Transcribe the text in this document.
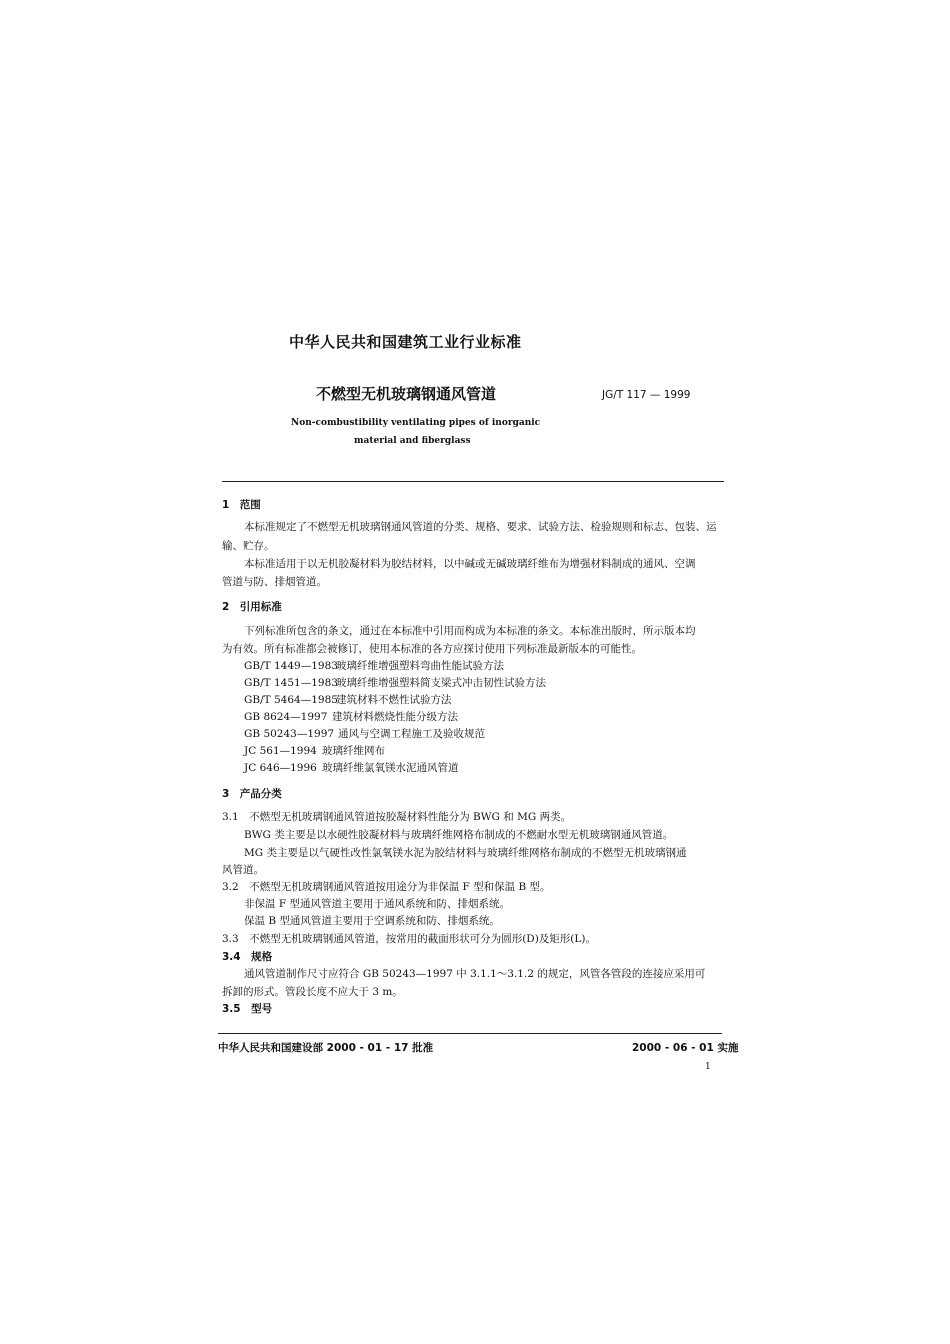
中华人民共和国建筑工业行业标准
不燃型无机玻璃钢通风管道	JG/T 117 — 1999
Non-combustibility ventilating pipes of inorganic
material and fiberglass
1　范围
本标准规定了不燃型无机玻璃钢通风管道的分类、规格、要求、试验方法、检验规则和标志、包装、运
输、贮存。
本标准适用于以无机胶凝材料为胶结材料，以中碱或无碱玻璃纤维布为增强材料制成的通风、空调
管道与防、排烟管道。
2　引用标准
下列标准所包含的条文，通过在本标准中引用而构成为本标准的条文。本标准出版时，所示版本均
为有效。所有标准都会被修订，使用本标准的各方应探讨使用下列标准最新版本的可能性。
GB/T 1449—1983玻璃纤维增强塑料弯曲性能试验方法
GB/T 1451—1983玻璃纤维增强塑料简支梁式冲击韧性试验方法
GB/T 5464—1985建筑材料不燃性试验方法
GB 8624—1997 建筑材料燃烧性能分级方法
GB 50243—1997 通风与空调工程施工及验收规范
JC 561—1994 玻璃纤维网布
JC 646—1996 玻璃纤维氯氧镁水泥通风管道
3　产品分类
3.1　不燃型无机玻璃钢通风管道按胶凝材料性能分为 BWG 和 MG 两类。
BWG 类主要是以水硬性胶凝材料与玻璃纤维网格布制成的不燃耐水型无机玻璃钢通风管道。
MG 类主要是以气硬性改性氯氧镁水泥为胶结材料与玻璃纤维网格布制成的不燃型无机玻璃钢通
风管道。
3.2　不燃型无机玻璃钢通风管道按用途分为非保温 F 型和保温 B 型。
非保温 F 型通风管道主要用于通风系统和防、排烟系统。
保温 B 型通风管道主要用于空调系统和防、排烟系统。
3.3　不燃型无机玻璃钢通风管道，按常用的截面形状可分为圆形(D)及矩形(L)。
3.4　规格
通风管道制作尺寸应符合 GB 50243—1997 中 3.1.1～3.1.2 的规定，风管各管段的连接应采用可
拆卸的形式。管段长度不应大于 3 m。
3.5　型号
中华人民共和国建设部 2000 - 01 - 17 批准	2000 - 06 - 01 实施
1
